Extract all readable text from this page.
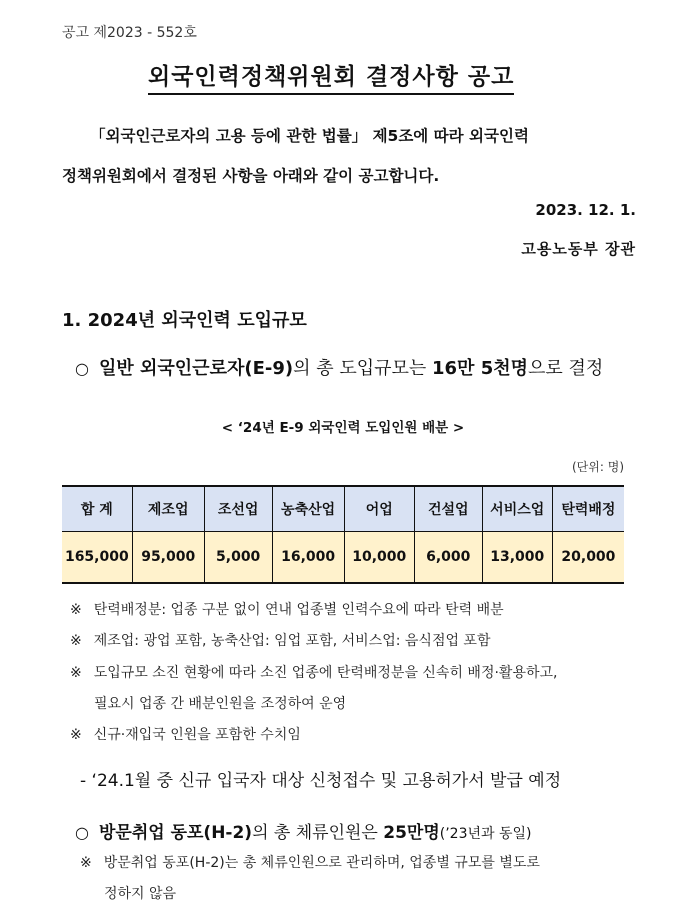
공고 제2023 - 552호
외국인력정책위원회 결정사항 공고
「외국인근로자의 고용 등에 관한 법률」 제5조에 따라 외국인력
정책위원회에서 결정된 사항을 아래와 같이 공고합니다.
2023. 12. 1.
고용노동부 장관
1. 2024년 외국인력 도입규모
○ 일반 외국인근로자(E-9)의 총 도입규모는 16만 5천명으로 결정
< ‘24년 E-9 외국인력 도입인원 배분 >
(단위: 명)
합 계	제조업	조선업	농축산업	어업	건설업	서비스업	탄력배정
165,000	95,000	5,000	16,000	10,000	6,000	13,000	20,000
※ 탄력배정분: 업종 구분 없이 연내 업종별 인력수요에 따라 탄력 배분
※ 제조업: 광업 포함, 농축산업: 임업 포함, 서비스업: 음식점업 포함
※ 도입규모 소진 현황에 따라 소진 업종에 탄력배정분을 신속히 배정·활용하고,
필요시 업종 간 배분인원을 조정하여 운영
※ 신규·재입국 인원을 포함한 수치임
- ‘24.1월 중 신규 입국자 대상 신청접수 및 고용허가서 발급 예정
○ 방문취업 동포(H-2)의 총 체류인원은 25만명(’23년과 동일)
※ 방문취업 동포(H-2)는 총 체류인원으로 관리하며, 업종별 규모를 별도로
정하지 않음
